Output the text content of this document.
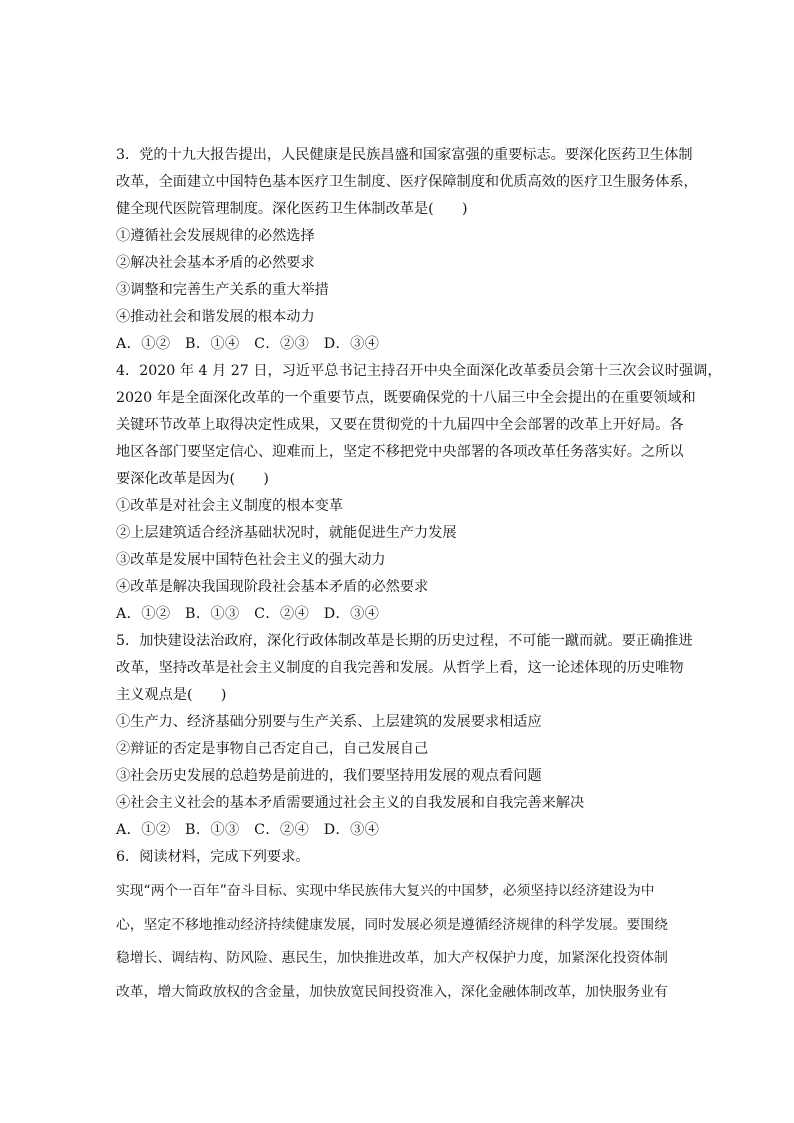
3．党的十九大报告提出，人民健康是民族昌盛和国家富强的重要标志。要深化医药卫生体制
改革，全面建立中国特色基本医疗卫生制度、医疗保障制度和优质高效的医疗卫生服务体系，
健全现代医院管理制度。深化医药卫生体制改革是(　　)
①遵循社会发展规律的必然选择
②解决社会基本矛盾的必然要求
③调整和完善生产关系的重大举措
④推动社会和谐发展的根本动力
A．①②　B．①④　C．②③　D．③④
4．2020 年 4 月 27 日，习近平总书记主持召开中央全面深化改革委员会第十三次会议时强调，
2020 年是全面深化改革的一个重要节点，既要确保党的十八届三中全会提出的在重要领域和
关键环节改革上取得决定性成果，又要在贯彻党的十九届四中全会部署的改革上开好局。各
地区各部门要坚定信心、迎难而上，坚定不移把党中央部署的各项改革任务落实好。之所以
要深化改革是因为(　　)
①改革是对社会主义制度的根本变革
②上层建筑适合经济基础状况时，就能促进生产力发展
③改革是发展中国特色社会主义的强大动力
④改革是解决我国现阶段社会基本矛盾的必然要求
A．①②　B．①③　C．②④　D．③④
5．加快建设法治政府，深化行政体制改革是长期的历史过程，不可能一蹴而就。要正确推进
改革，坚持改革是社会主义制度的自我完善和发展。从哲学上看，这一论述体现的历史唯物
主义观点是(　　)
①生产力、经济基础分别要与生产关系、上层建筑的发展要求相适应
②辩证的否定是事物自己否定自己，自己发展自己
③社会历史发展的总趋势是前进的，我们要坚持用发展的观点看问题
④社会主义社会的基本矛盾需要通过社会主义的自我发展和自我完善来解决
A．①②　B．①③　C．②④　D．③④
6．阅读材料，完成下列要求。
实现“两个一百年”奋斗目标、实现中华民族伟大复兴的中国梦，必须坚持以经济建设为中
心，坚定不移地推动经济持续健康发展，同时发展必须是遵循经济规律的科学发展。要围绕
稳增长、调结构、防风险、惠民生，加快推进改革，加大产权保护力度，加紧深化投资体制
改革，增大简政放权的含金量，加快放宽民间投资准入，深化金融体制改革，加快服务业有
